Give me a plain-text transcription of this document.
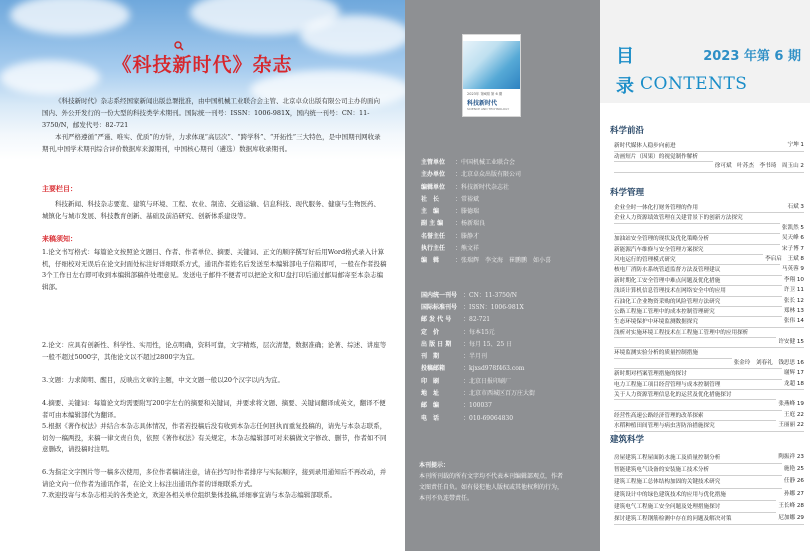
《科技新时代》杂志

《科技新时代》杂志系经国家新闻出版总署批准，由中国机械工业联合会主管、北京卓众出版有限公司主办的面向国内、外公开发行的一份大型的科技类学术期刊。国际统一刊号：ISSN：1006-981X，国内统一刊号：CN：11-3750/N，邮发代号：82-721

本刊严格遵循“严谨、唯实、优质”的方针，力求体现“高层次”、“跨学科”、“开拓性”三大特色，是中国期刊网收录期刊,中国学术期刊综合评价数据库来源期刊，中国核心期刊（遴选）数据库收录期刊。

主要栏目：
科技新闻、科技杂志要览、建筑与环境、工程、农业、制造、交通运输、信息科技、现代服务、健康与生物医药、城镇化与城市发展、科技教育创新、基础及前沿研究、创新体系建设等。
来稿须知：

1.论文书写格式：每篇论文按照论文题目、作者、作者单位、摘要、关键词、正文的顺序撰写好后用Word格式录入计算机，仔细校对无误后在论文封面处标注好详细联系方式，通讯作者姓名后发送至本编辑部电子信箱即可，一般在作者投稿3个工作日左右即可收到本编辑部稿件处理意见。发送电子邮件不便者可以把论文和U盘打印后通过邮局邮寄至本杂志编辑部。

2.论文：应具有创新性、科学性、实用性，论点明确，资料可靠，文字精炼，层次清楚，数据准确；论著、综述、讲座等一般不超过5000字，其他论文以不超过2800字为宜。

3.文题：力求简明、醒目，反映出文章的主题，中文文题一般以20个汉字以内为宜。

4.摘要、关键词：每篇论文均需要附写200字左右的摘要和关键词，并要求将文题、摘要、关键词翻译成英文，翻译不便者可由本编辑部代为翻译。

5.根据《著作权法》并结合本杂志具体情况，作者若投稿后没有收到本杂志任何回执而重复投稿的，请先与本杂志联系，切勿一稿两投，来稿一律文责自负，依照《著作权法》有关规定，本杂志编辑部可对来稿做文字修改、删节，作者如不同意删改，请投稿时注明。

6.为指定文字图片等一稿多次使用，多位作者稿请注意，请在抄写时作者排序与实际顺序，接到录用通知后不再改动，并请论文向一位作者为通讯作者，在论文上标注出通讯作者的详细联系方式。

7.欢迎投寄与本杂志相关的各类论文，欢迎各相关单位组织集体投稿,详细事宜请与本杂志编辑部联系。

2023年 第6期 第 6 期
科技新时代
SCIENCE AND TECHNOLOGY
主管单位 ： 中国机械工业联合会
主办单位 ： 北京卓众出版有限公司
编辑单位 ： 科技新时代杂志社
社　长	： 常裕斌
主　编	： 滕德瑞
副 主 编 ： 杨新瑞良
名誉主任 ： 滕静才
执行主任 ： 熊文祥
编　辑	： 张瑞辉　李文海　崔鹏鹏　如小喜
国内统一刊号 ： CN：11-3750/N
国际标准刊号 ： ISSN：1006-981X
邮 发 代 号 ： 82-721
定　价	： 每本15元
出 版 日 期 ： 每月 15、25 日
刊　期	： 半月刊
投稿邮箱	： kjxsd978f463.com
印　刷	： 北京日报印刷厂
地　址	： 北京市西城区百万庄大街
邮　编	： 100037
电　话	： 010-69064830
本刊提示：
本刊所刊载的所有文字均不代表本刊编辑部观点，作者
文图责任自负。如有侵犯他人版权或其他权利的行为，
本刊不负连带责任。
目
录
2023 年第 6 期
CONTENTS
科学前沿
新时代媒体人稳步向前进	宁坤 1
动画短片（因果）的视觉制作解析
徐可斌　叶苏杰　李书琦　周玉山 2
科学管理
企业全时一体化打财务管理的作用	石斌 3
企业人力资源绩效管理在关建背景下的创新方法探究
张凯然 5
加油站安全管理的现状及优化策略分析	吴天峰 6
新能源汽车维修与安全管理方案探究	宋子博 7
风电运行的管理模式研究	李启启　王斌 8
核电厂消防水系统管道监督方法及管理建议	马英蓉 9
新时期化工安全管理中难点问题及优化措施	李翔 10
浅谈计算机信息管理技术在网络安全中的应用	许卫 11
石油化工企业物资采购的风险管理方法研究	张长 12
公路工程施工管理中的成本控制管理研究	郑林 13
生态环境保护中环境监测数据探究	张伟 14
浅析对实施环境工程技术在工程施工管理中的应用探析
许安健 15
环境监测实验分析的质量控制措施
张金玲　刘春礼　钱思思 16
新时期对档案管理措施的探讨	谢辉 17
电力工程施工项目经营管理与成本控制管理	龙超 18
关于人力资源管理信息化的运营及优化措施探讨
张燕峰 19
经营性高速公路经济管理的改革探索	王庭 22
水稻种植田间管理与病虫害防治措施探究	王丽丽 22
建筑科学
房屋建筑工程屋面防水施工及质量控制分析	陶振祥 23
智能建筑电气设备的安装施工技术分析	施艳 25
建筑工程施工总体结构加固的关键技术研究	任静 26
建筑设计中的绿色建筑技术的应用与优化措施	孙娜 27
建筑电气工程施工安全问题及处理措施探讨	王长峰 28
探讨建筑工程钢筋检测中存在的问题及解决对策	尼加娜 29
